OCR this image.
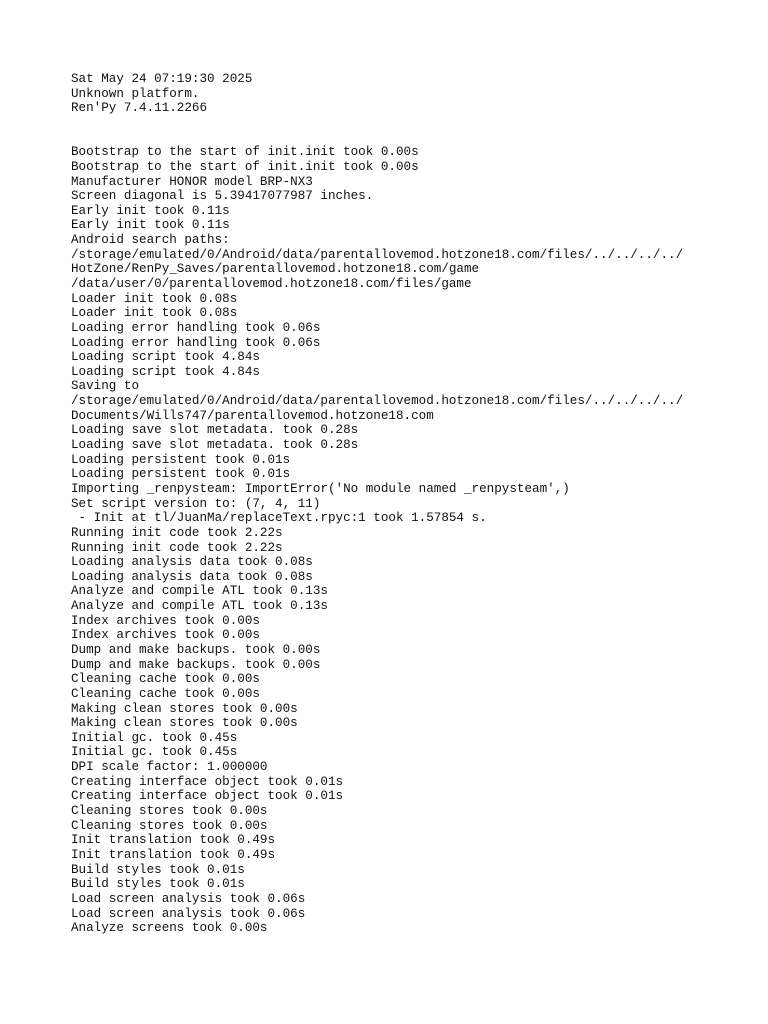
Sat May 24 07:19:30 2025
Unknown platform.
Ren'Py 7.4.11.2266
Bootstrap to the start of init.init took 0.00s
Bootstrap to the start of init.init took 0.00s
Manufacturer HONOR model BRP-NX3
Screen diagonal is 5.39417077987 inches.
Early init took 0.11s
Early init took 0.11s
Android search paths:
/storage/emulated/0/Android/data/parentallovemod.hotzone18.com/files/../../../../
HotZone/RenPy_Saves/parentallovemod.hotzone18.com/game
/data/user/0/parentallovemod.hotzone18.com/files/game
Loader init took 0.08s
Loader init took 0.08s
Loading error handling took 0.06s
Loading error handling took 0.06s
Loading script took 4.84s
Loading script took 4.84s
Saving to
/storage/emulated/0/Android/data/parentallovemod.hotzone18.com/files/../../../../
Documents/Wills747/parentallovemod.hotzone18.com
Loading save slot metadata. took 0.28s
Loading save slot metadata. took 0.28s
Loading persistent took 0.01s
Loading persistent took 0.01s
Importing _renpysteam: ImportError('No module named _renpysteam',)
Set script version to: (7, 4, 11)
- Init at tl/JuanMa/replaceText.rpyc:1 took 1.57854 s.
Running init code took 2.22s
Running init code took 2.22s
Loading analysis data took 0.08s
Loading analysis data took 0.08s
Analyze and compile ATL took 0.13s
Analyze and compile ATL took 0.13s
Index archives took 0.00s
Index archives took 0.00s
Dump and make backups. took 0.00s
Dump and make backups. took 0.00s
Cleaning cache took 0.00s
Cleaning cache took 0.00s
Making clean stores took 0.00s
Making clean stores took 0.00s
Initial gc. took 0.45s
Initial gc. took 0.45s
DPI scale factor: 1.000000
Creating interface object took 0.01s
Creating interface object took 0.01s
Cleaning stores took 0.00s
Cleaning stores took 0.00s
Init translation took 0.49s
Init translation took 0.49s
Build styles took 0.01s
Build styles took 0.01s
Load screen analysis took 0.06s
Load screen analysis took 0.06s
Analyze screens took 0.00s
